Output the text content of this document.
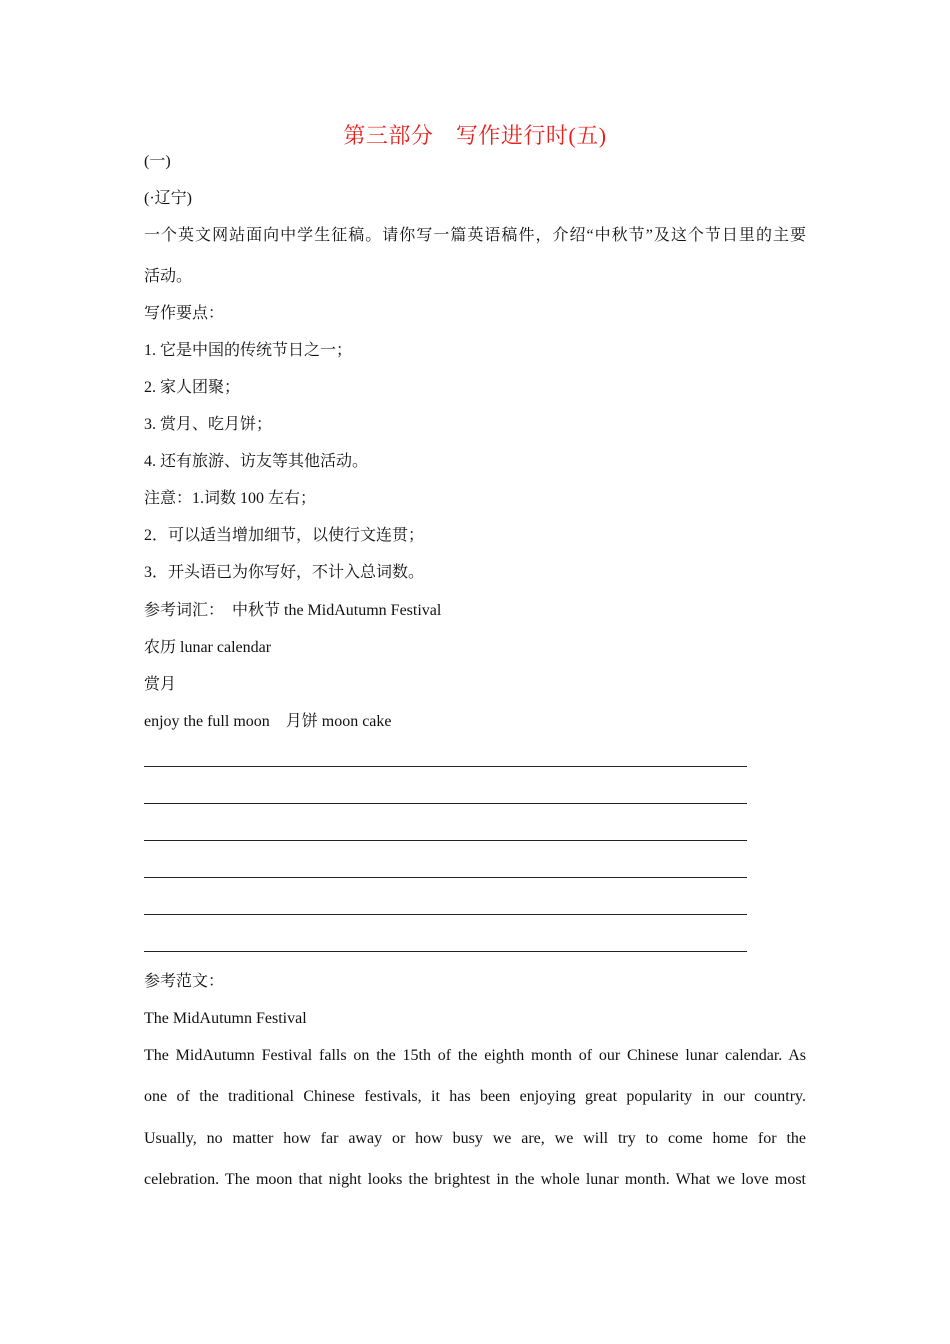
第三部分　写作进行时(五)
(一)
(·辽宁)
一个英文网站面向中学生征稿。请你写一篇英语稿件，介绍“中秋节”及这个节日里的主要
活动。
写作要点：
1. 它是中国的传统节日之一；
2. 家人团聚；
3. 赏月、吃月饼；
4. 还有旅游、访友等其他活动。
注意：1.词数 100 左右；
2．可以适当增加细节，以使行文连贯；
3．开头语已为你写好，不计入总词数。
参考词汇：  中秋节 the MidAutumn Festival
农历 lunar calendar
赏月
enjoy the full moon    月饼 moon cake
参考范文：
The MidAutumn Festival
The MidAutumn Festival falls on the 15th of the eighth month of our Chinese lunar calendar. As
one of the traditional Chinese festivals, it has been enjoying great popularity in our country.
Usually, no matter how far away or how busy we are, we will try to come home for the
celebration. The moon that night looks the brightest in the whole lunar month. What we love most
